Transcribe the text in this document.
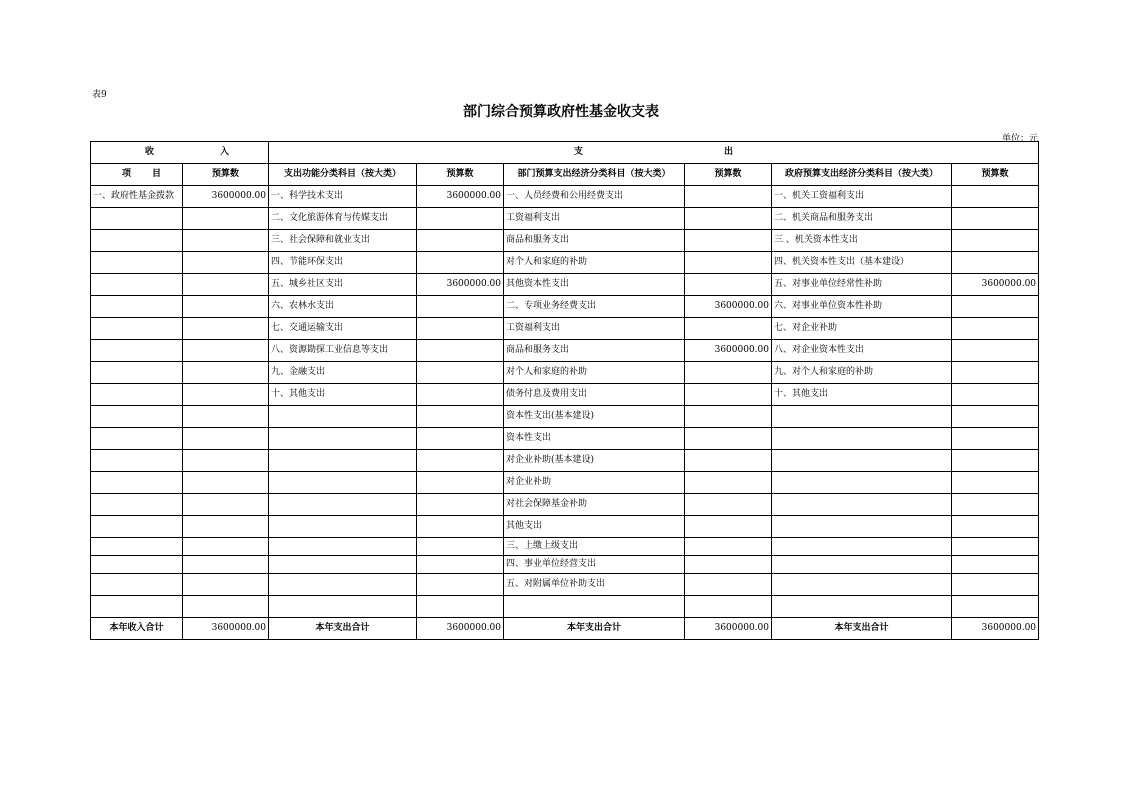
表9
部门综合预算政府性基金收支表
单位：元
收 入		支 出					
项 目	预算数	支出功能分类科目（按大类）	预算数	部门预算支出经济分类科目（按大类）	预算数	政府预算支出经济分类科目（按大类）	预算数
一、政府性基金拨款	3600000.00	一、科学技术支出	3600000.00	一、人员经费和公用经费支出		一、机关工资福利支出	
		二、文化旅游体育与传媒支出		工资福利支出		二、机关商品和服务支出	
		三、社会保障和就业支出		商品和服务支出		三 、机关资本性支出	
		四、节能环保支出		对个人和家庭的补助		四、机关资本性支出（基本建设）	
		五、城乡社区支出	3600000.00	其他资本性支出		五、对事业单位经常性补助	3600000.00
		六、农林水支出		二、专项业务经费支出	3600000.00	六、对事业单位资本性补助	
		七、交通运输支出		工资福利支出		七、对企业补助	
		八、资源勘探工业信息等支出		商品和服务支出	3600000.00	八、对企业资本性支出	
		九、金融支出		对个人和家庭的补助		九、对个人和家庭的补助	
		十、其他支出		债务付息及费用支出		十、其他支出	
				资本性支出(基本建设)			
				资本性支出			
				对企业补助(基本建设)			
				对企业补助			
				对社会保障基金补助			
				其他支出			
				三、上缴上级支出			
				四、事业单位经营支出			
				五、对附属单位补助支出			

本年收入合计	3600000.00	本年支出合计	3600000.00	本年支出合计	3600000.00	本年支出合计	3600000.00
